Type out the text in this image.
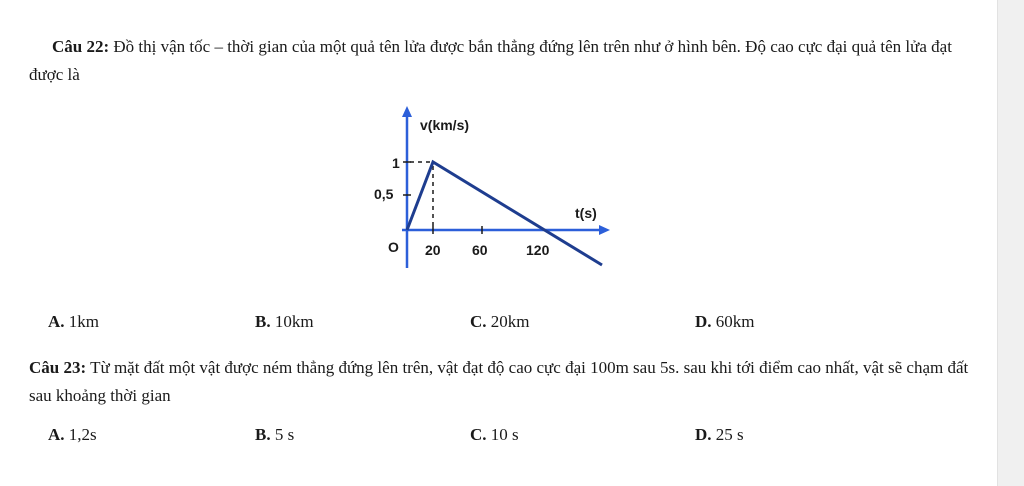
Câu 22: Đồ thị vận tốc – thời gian của một quả tên lửa được bắn thẳng đứng lên trên như ở hình bên. Độ cao cực đại quả tên lửa đạt được là
v(km/s)
t(s)
O
1
0,5
20 60	120
A. 1km	B. 10km	C. 20km	D. 60km
Câu 23: Từ mặt đất một vật được ném thẳng đứng lên trên, vật đạt độ cao cực đại 100m sau 5s. sau khi tới điểm cao nhất, vật sẽ chạm đất sau khoảng thời gian
A. 1,2s	B. 5 s	C. 10 s	D. 25 s
